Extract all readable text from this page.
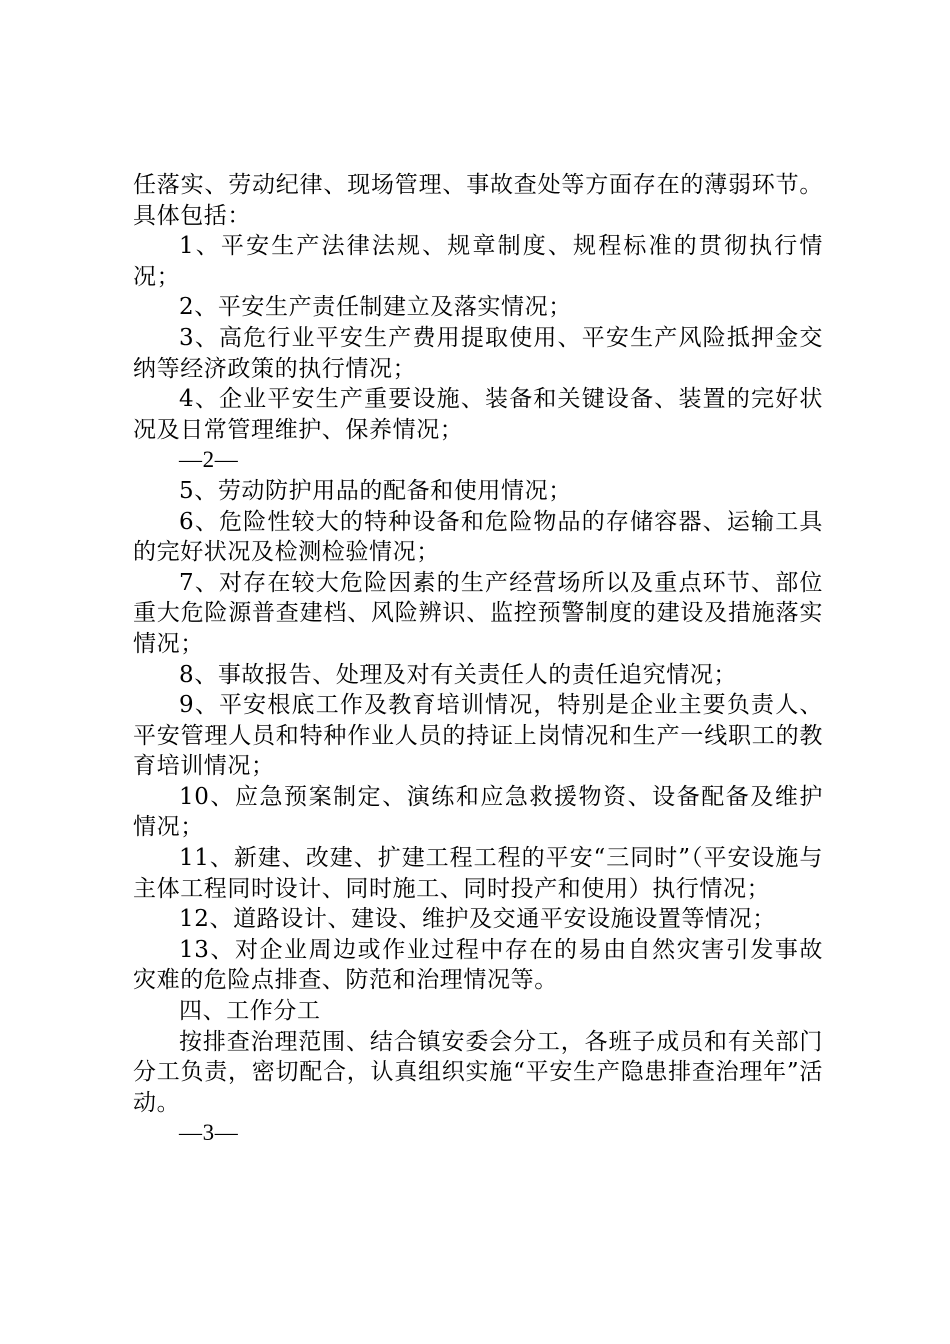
任落实、劳动纪律、现场管理、事故查处等方面存在的薄弱环节。具体包括：

1、平安生产法律法规、规章制度、规程标准的贯彻执行情况；

2、平安生产责任制建立及落实情况；

3、高危行业平安生产费用提取使用、平安生产风险抵押金交纳等经济政策的执行情况；

4、企业平安生产重要设施、装备和关键设备、装置的完好状况及日常管理维护、保养情况；

—2—

5、劳动防护用品的配备和使用情况；

6、危险性较大的特种设备和危险物品的存储容器、运输工具的完好状况及检测检验情况；

7、对存在较大危险因素的生产经营场所以及重点环节、部位重大危险源普查建档、风险辨识、监控预警制度的建设及措施落实情况；

8、事故报告、处理及对有关责任人的责任追究情况；

9、平安根底工作及教育培训情况，特别是企业主要负责人、平安管理人员和特种作业人员的持证上岗情况和生产一线职工的教育培训情况；

10、应急预案制定、演练和应急救援物资、设备配备及维护情况；

11、新建、改建、扩建工程工程的平安“三同时”（平安设施与主体工程同时设计、同时施工、同时投产和使用）执行情况；

12、道路设计、建设、维护及交通平安设施设置等情况；

13、对企业周边或作业过程中存在的易由自然灾害引发事故灾难的危险点排查、防范和治理情况等。

四、工作分工

按排查治理范围、结合镇安委会分工，各班子成员和有关部门分工负责，密切配合，认真组织实施“平安生产隐患排查治理年”活动。

—3—
